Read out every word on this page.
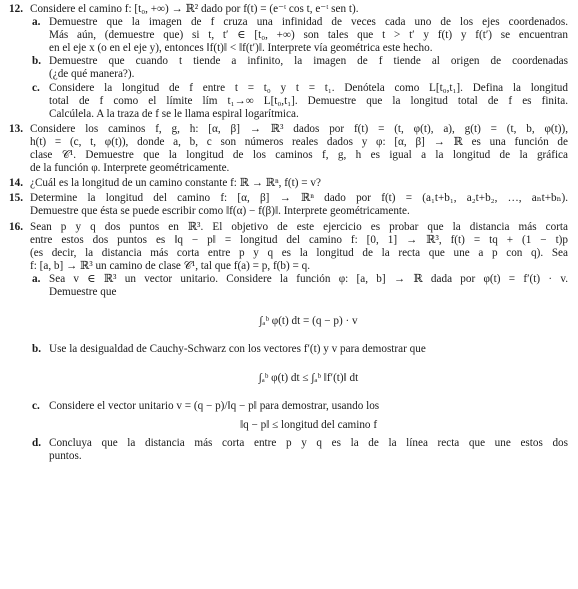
12. Considere el camino f: [t₀, +∞) → ℝ² dado por f(t) = (e⁻ᵗ cos t, e⁻ᵗ sen t).
a. Demuestre que la imagen de f cruza una infinidad de veces cada uno de los ejes coordenados.
Más aún, (demuestre que) si t, t′ ∈ [t₀, +∞) son tales que t > t′ y f(t) y f(t′) se encuentran
en el eje x (o en el eje y), entonces ‖f(t)‖ < ‖f(t′)‖. Interprete vía geométrica este hecho.
b. Demuestre que cuando t tiende a infinito, la imagen de f tiende al origen de coordenadas
(¿de qué manera?).
c. Considere la longitud de f entre t = t₀ y t = t₁. Denótela como L[t₀,t₁]. Defina la longitud
total de f como el límite lím t₁→∞ L[t₀,t₁]. Demuestre que la longitud total de f es finita.
Calcúlela. A la traza de f se le llama espiral logarítmica.
13. Considere los caminos f, g, h: [α, β] → ℝ³ dados por f(t) = (t, φ(t), a), g(t) = (t, b, φ(t)),
h(t) = (c, t, φ(t)), donde a, b, c son números reales dados y φ: [α, β] → ℝ es una función de
clase 𝒞¹. Demuestre que la longitud de los caminos f, g, h es igual a la longitud de la gráfica
de la función φ. Interprete geométricamente.
14. ¿Cuál es la longitud de un camino constante f: ℝ → ℝⁿ, f(t) = v?
15. Determine la longitud del camino f: [α, β] → ℝⁿ dado por f(t) = (a₁t+b₁, a₂t+b₂, …, aₙt+bₙ).
Demuestre que ésta se puede escribir como ‖f(α) − f(β)‖. Interprete geométricamente.
16. Sean p y q dos puntos en ℝ³. El objetivo de este ejercicio es probar que la distancia más corta
entre estos dos puntos es ‖q − p‖ = longitud del camino f: [0, 1] → ℝ³, f(t) = tq + (1 − t)p
(es decir, la distancia más corta entre p y q es la longitud de la recta que une a p con q). Sea
f: [a, b] → ℝ³ un camino de clase 𝒞¹, tal que f(a) = p, f(b) = q.
a. Sea v ∈ ℝ³ un vector unitario. Considere la función φ: [a, b] → ℝ dada por φ(t) = f′(t) · v.
Demuestre que
∫ₐᵇ φ(t) dt = (q − p) · v
b. Use la desigualdad de Cauchy-Schwarz con los vectores f′(t) y v para demostrar que
∫ₐᵇ φ(t) dt ≤ ∫ₐᵇ ‖f′(t)‖ dt
c. Considere el vector unitario v = (q − p)/‖q − p‖ para demostrar, usando los
‖q − p‖ ≤ longitud del camino f
d. Concluya que la distancia más corta entre p y q es la de la línea recta que une estos dos
puntos.
